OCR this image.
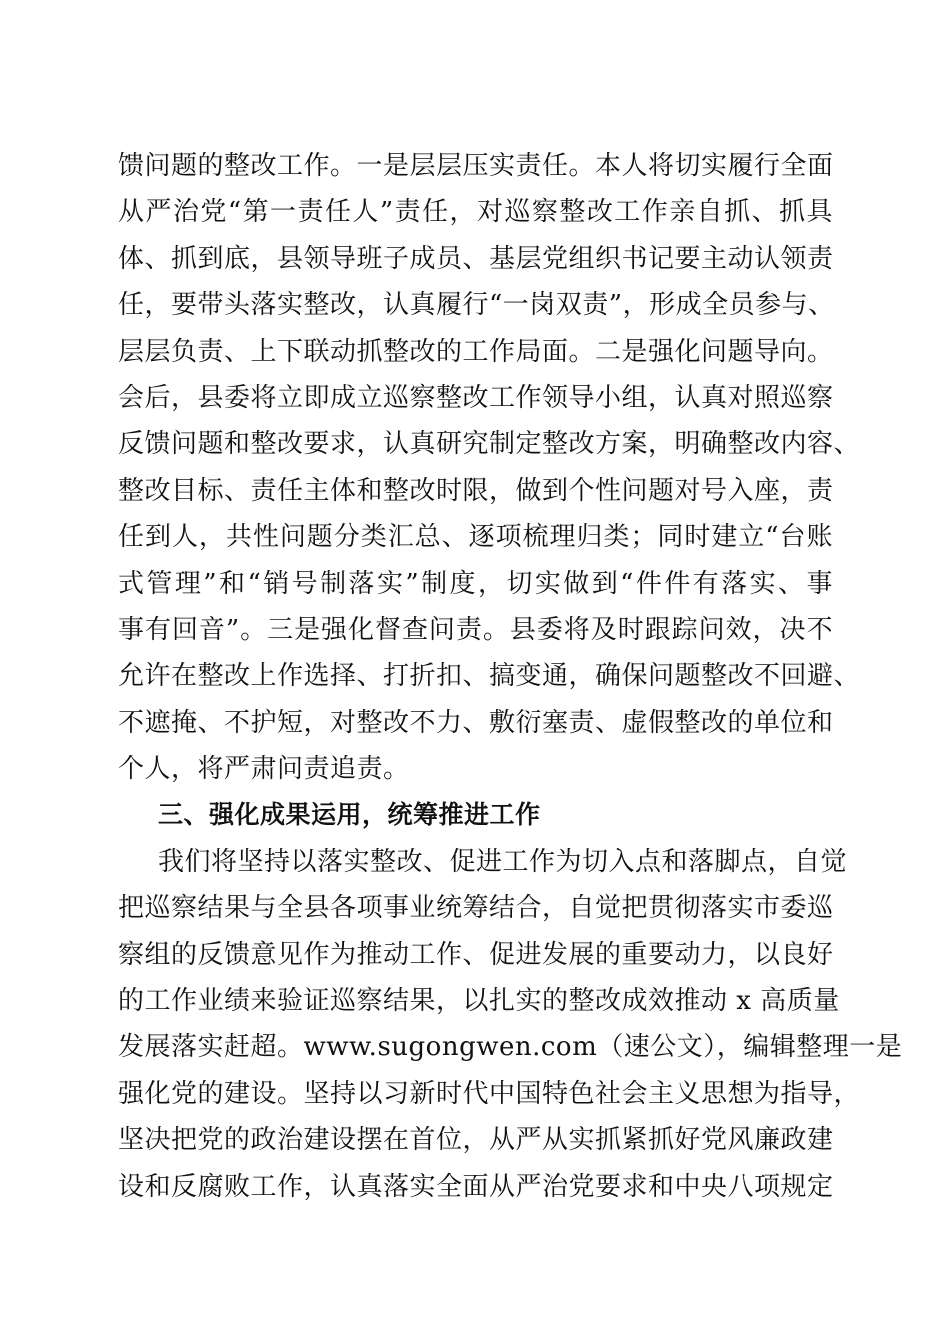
馈问题的整改工作。一是层层压实责任。本人将切实履行全面
从严治党“第一责任人”责任，对巡察整改工作亲自抓、抓具
体、抓到底，县领导班子成员、基层党组织书记要主动认领责
任，要带头落实整改，认真履行“一岗双责”，形成全员参与、
层层负责、上下联动抓整改的工作局面。二是强化问题导向。
会后，县委将立即成立巡察整改工作领导小组，认真对照巡察
反馈问题和整改要求，认真研究制定整改方案，明确整改内容、
整改目标、责任主体和整改时限，做到个性问题对号入座，责
任到人，共性问题分类汇总、逐项梳理归类；同时建立“台账
式管理”和“销号制落实”制度，切实做到“件件有落实、事
事有回音”。三是强化督查问责。县委将及时跟踪问效，决不
允许在整改上作选择、打折扣、搞变通，确保问题整改不回避、
不遮掩、不护短，对整改不力、敷衍塞责、虚假整改的单位和
个人，将严肃问责追责。
三、强化成果运用，统筹推进工作
我们将坚持以落实整改、促进工作为切入点和落脚点，自觉
把巡察结果与全县各项事业统筹结合，自觉把贯彻落实市委巡
察组的反馈意见作为推动工作、促进发展的重要动力，以良好
的工作业绩来验证巡察结果，以扎实的整改成效推动 x 高质量
发展落实赶超。www.sugongwen.com（速公文），编辑整理一是
强化党的建设。坚持以习新时代中国特色社会主义思想为指导，
坚决把党的政治建设摆在首位，从严从实抓紧抓好党风廉政建
设和反腐败工作，认真落实全面从严治党要求和中央八项规定
